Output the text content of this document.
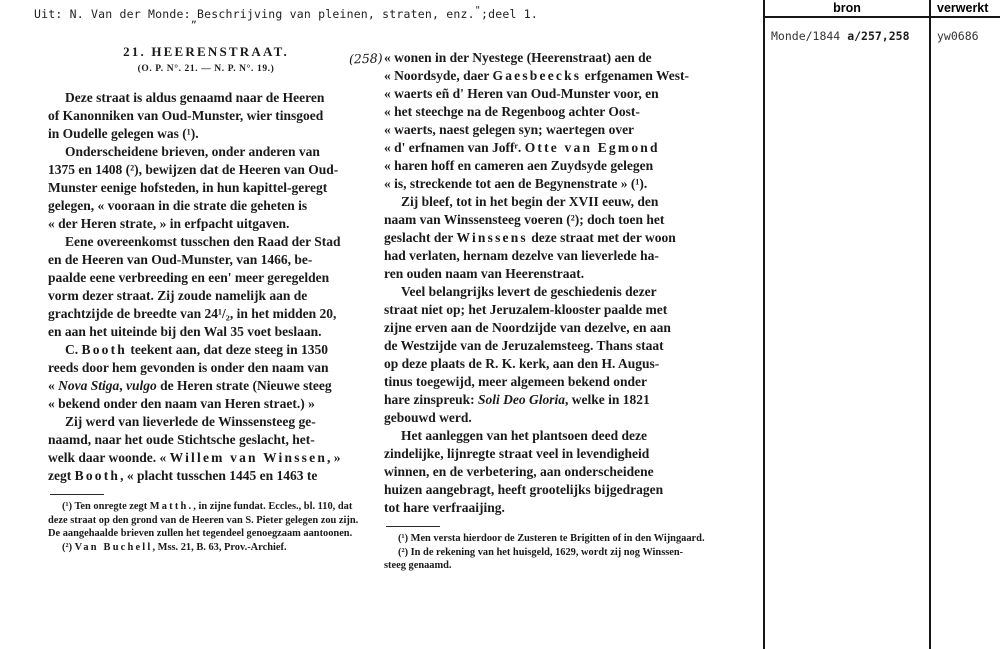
Uit: N. Van der Monde:„Beschrijving van pleinen, straten, enz.";deel 1.
21. HEERENSTRAAT.
(O. P. N°. 21. — N. P. N°. 19.)
Deze straat is aldus genaamd naar de Heeren
of Kanonniken van Oud-Munster, wier tinsgoed
in Oudelle gelegen was (¹).
Onderscheidene brieven, onder anderen van
1375 en 1408 (²), bewijzen dat de Heeren van Oud-
Munster eenige hofsteden, in hun kapittel-geregt
gelegen, « vooraan in die strate die geheten is
« der Heren strate, » in erfpacht uitgaven.
Eene overeenkomst tusschen den Raad der Stad
en de Heeren van Oud-Munster, van 1466, be-
paalde eene verbreeding en een' meer geregelden
vorm dezer straat. Zij zoude namelijk aan de
grachtzijde de breedte van 24¹/₂, in het midden 20,
en aan het uiteinde bij den Wal 35 voet beslaan.
C. Booth teekent aan, dat deze steeg in 1350
reeds door hem gevonden is onder den naam van
« Nova Stiga, vulgo de Heren strate (Nieuwe steeg
« bekend onder den naam van Heren straet.) »
Zij werd van lieverlede de Winssensteeg ge-
naamd, naar het oude Stichtsche geslacht, het-
welk daar woonde. « Willem van Winssen, »
zegt Booth, « placht tusschen 1445 en 1463 te
(¹) Ten onregte zegt Matth., in zijne fundat. Eccles., bl. 110, dat
deze straat op den grond van de Heeren van S. Pieter gelegen zou zijn.
De aangehaalde brieven zullen het tegendeel genoegzaam aantoonen.
(²) Van Buchell, Mss. 21, B. 63, Prov.-Archief.
(258) « wonen in der Nyestege (Heerenstraat) aen de
« Noordsyde, daer Gaesbeecks erfgenamen West-
« waerts eñ d' Heren van Oud-Munster voor, en
« het steechge na de Regenboog achter Oost-
« waerts, naest gelegen syn; waertegen over
« d' erfnamen van Joffʳ. Otte van Egmond
« haren hoff en cameren aen Zuydsyde gelegen
« is, streckende tot aen de Begynenstrate » (¹).
Zij bleef, tot in het begin der XVII eeuw, den
naam van Winssensteeg voeren (²); doch toen het
geslacht der Winssens deze straat met der woon
had verlaten, hernam dezelve van lieverlede ha-
ren ouden naam van Heerenstraat.
Veel belangrijks levert de geschiedenis dezer
straat niet op; het Jeruzalem-klooster paalde met
zijne erven aan de Noordzijde van dezelve, en aan
de Westzijde van de Jeruzalemsteeg. Thans staat
op deze plaats de R. K. kerk, aan den H. Augus-
tinus toegewijd, meer algemeen bekend onder
hare zinspreuk: Soli Deo Gloria, welke in 1821
gebouwd werd.
Het aanleggen van het plantsoen deed deze
zindelijke, lijnregte straat veel in levendigheid
winnen, en de verbetering, aan onderscheidene
huizen aangebragt, heeft grootelijks bijgedragen
tot hare verfraaijing.
(¹) Men versta hierdoor de Zusteren te Brigitten of in den Wijngaard.
(²) In de rekening van het huisgeld, 1629, wordt zij nog Winssen-
steeg genaamd.
bron	verwerkt
Monde/1844 a/257,258 yw0686
